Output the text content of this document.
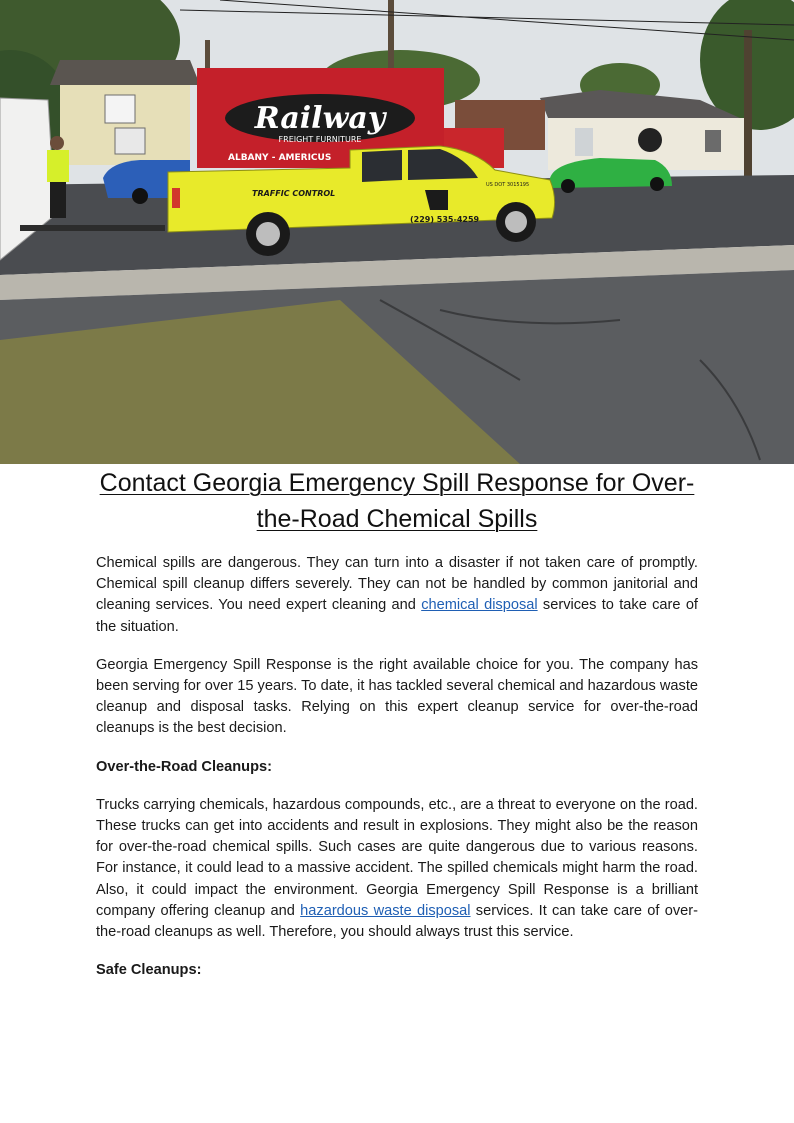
Railway
FREIGHT FURNITURE
ALBANY - AMERICUS
TRAFFIC CONTROL
(229) 535-4259
US DOT 3015195
Contact Georgia Emergency Spill Response for Over-
the-Road Chemical Spills

Chemical spills are dangerous. They can turn into a disaster if not taken care of promptly. Chemical spill cleanup differs severely. They can not be handled by common janitorial and cleaning services. You need expert cleaning and chemical disposal services to take care of the situation.

Georgia Emergency Spill Response is the right available choice for you. The company has been serving for over 15 years. To date, it has tackled several chemical and hazardous waste cleanup and disposal tasks. Relying on this expert cleanup service for over-the-road cleanups is the best decision.

Over-the-Road Cleanups:

Trucks carrying chemicals, hazardous compounds, etc., are a threat to everyone on the road. These trucks can get into accidents and result in explosions. They might also be the reason for over-the-road chemical spills. Such cases are quite dangerous due to various reasons. For instance, it could lead to a massive accident. The spilled chemicals might harm the road. Also, it could impact the environment. Georgia Emergency Spill Response is a brilliant company offering cleanup and hazardous waste disposal services. It can take care of over-the-road cleanups as well. Therefore, you should always trust this service.

Safe Cleanups:
